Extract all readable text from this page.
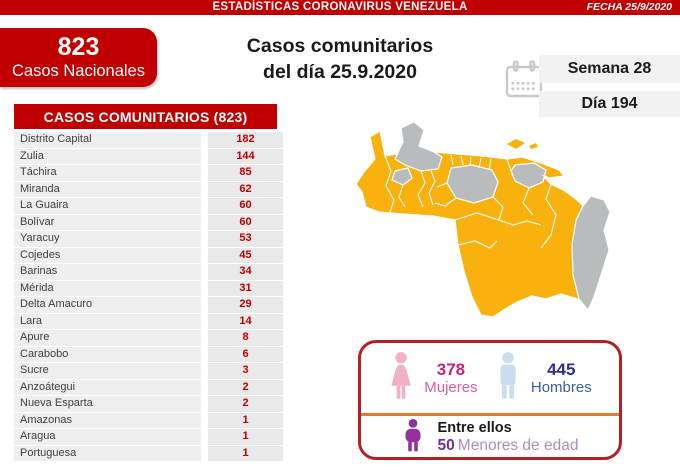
ESTADÍSTICAS CORONAVIRUS VENEZUELA	FECHA 25/9/2020
823
Casos Nacionales
Casos comunitarios
del día 25.9.2020	Semana 28
Día 194
CASOS COMUNITARIOS (823)
Distrito Capital	182
Zulia	144
Táchira	85
Miranda	62
La Guaira	60
Bolívar	60
Yaracuy	53
Cojedes	45
Barinas	34
Mérida	31
Delta Amacuro	29
Lara	14
Apure	8
Carabobo	6
Sucre	3
Anzoátegui	2
Nueva Esparta	2
Amazonas	1
Aragua	1
Portuguesa	1
378
Mujeres
445
Hombres
Entre ellos
50 Menores de edad
